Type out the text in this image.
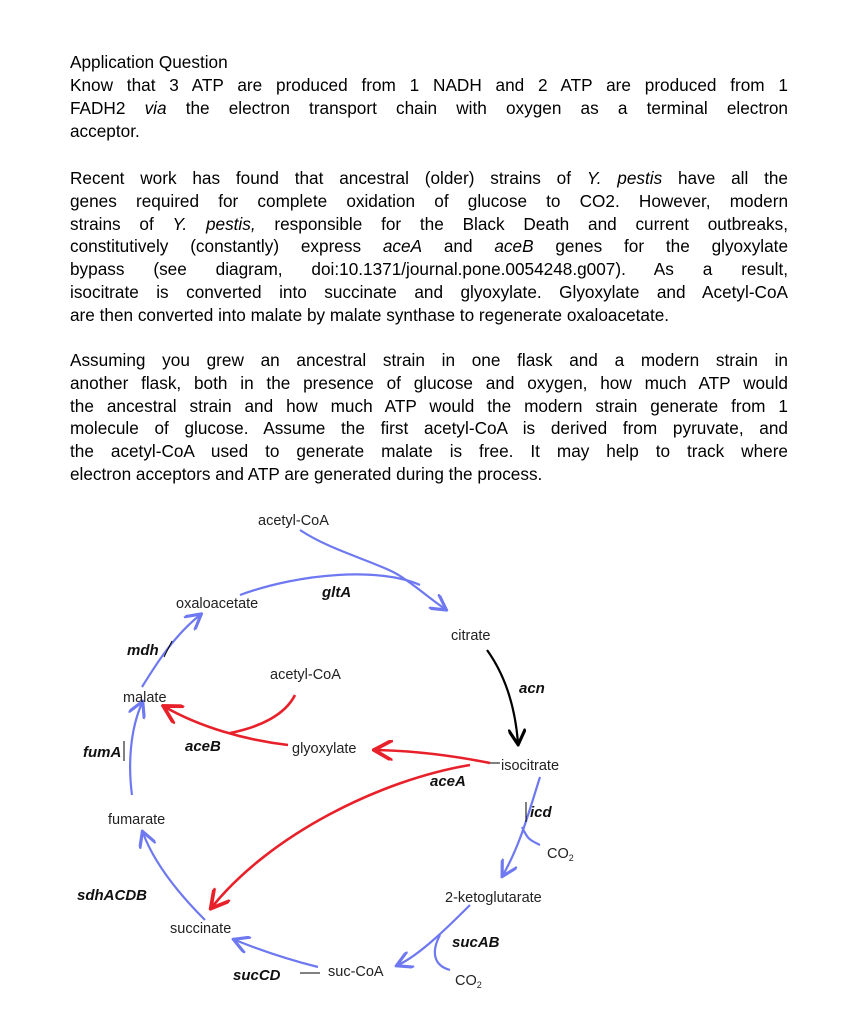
Application Question
Know that 3 ATP are produced from 1 NADH and 2 ATP are produced from 1
FADH2 via the electron transport chain with oxygen as a terminal electron
acceptor.
Recent work has found that ancestral (older) strains of Y. pestis have all the
genes required for complete oxidation of glucose to CO2. However, modern
strains of Y. pestis, responsible for the Black Death and current outbreaks,
constitutively (constantly) express aceA and aceB genes for the glyoxylate
bypass (see diagram, doi:10.1371/journal.pone.0054248.g007). As a result,
isocitrate is converted into succinate and glyoxylate. Glyoxylate and Acetyl-CoA
are then converted into malate by malate synthase to regenerate oxaloacetate.
Assuming you grew an ancestral strain in one flask and a modern strain in
another flask, both in the presence of glucose and oxygen, how much ATP would
the ancestral strain and how much ATP would the modern strain generate from 1
molecule of glucose. Assume the first acetyl-CoA is derived from pyruvate, and
the acetyl-CoA used to generate malate is free. It may help to track where
electron acceptors and ATP are generated during the process.
acetyl-CoA
oxaloacetate
citrate
acetyl-CoA
malate
glyoxylate
isocitrate
fumarate
$CO_2$
2-ketoglutarate
succinate
suc-CoA
$CO_2$
gltA
mdh
acn
aceB
fumA
aceA
icd
sdhACDB
sucAB
sucCD
